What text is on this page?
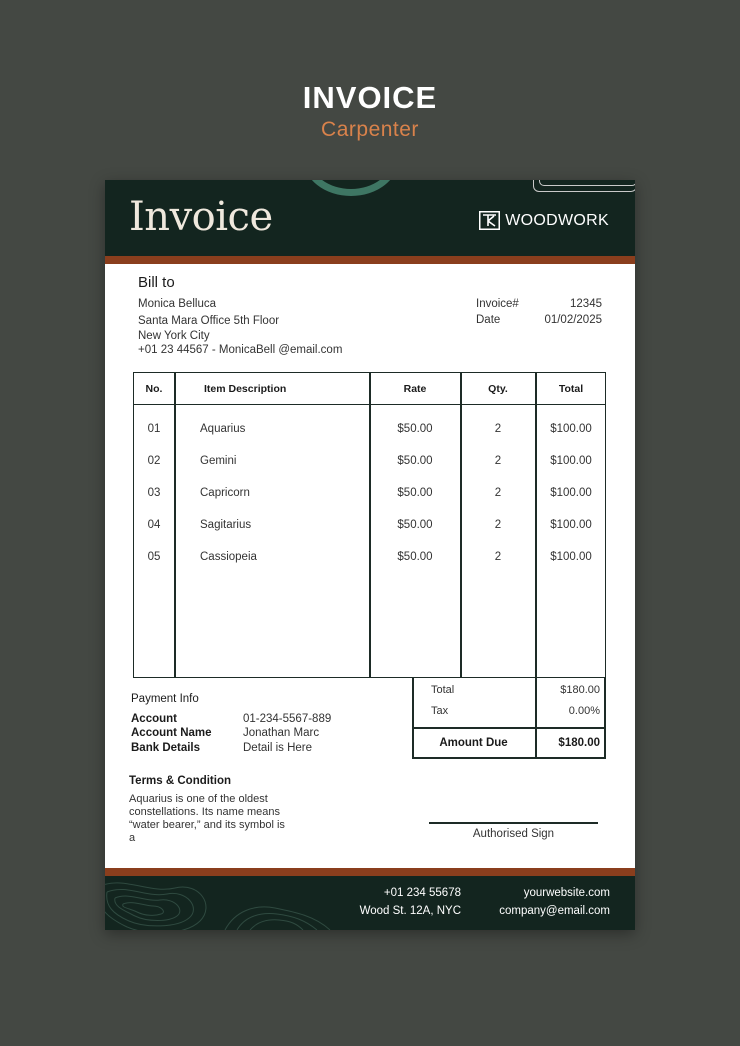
INVOICE
Carpenter
Invoice	WOODWORK
Bill to
Monica Belluca
Santa Mara Office 5th Floor
New York City
+01 23 44567 - MonicaBell @email.com
Invoice#	12345
Date	01/02/2025
No.	Item Description	Rate	Qty.	Total
01	Aquarius	$50.00	2	$100.00
02	Gemini	$50.00	2	$100.00
03	Capricorn	$50.00	2	$100.00
04	Sagitarius	$50.00	2	$100.00
05	Cassiopeia	$50.00	2	$100.00
Payment Info
Account	01-234-5567-889
Account Name	Jonathan Marc
Bank Details	Detail is Here
Total	$180.00
Tax	0.00%
Amount Due	$180.00
Terms & Condition
Aquarius is one of the oldest constellations. Its name means “water bearer,” and its symbol is a	Authorised Sign
+01 234 55678
Wood St. 12A, NYC
yourwebsite.com
company@email.com
